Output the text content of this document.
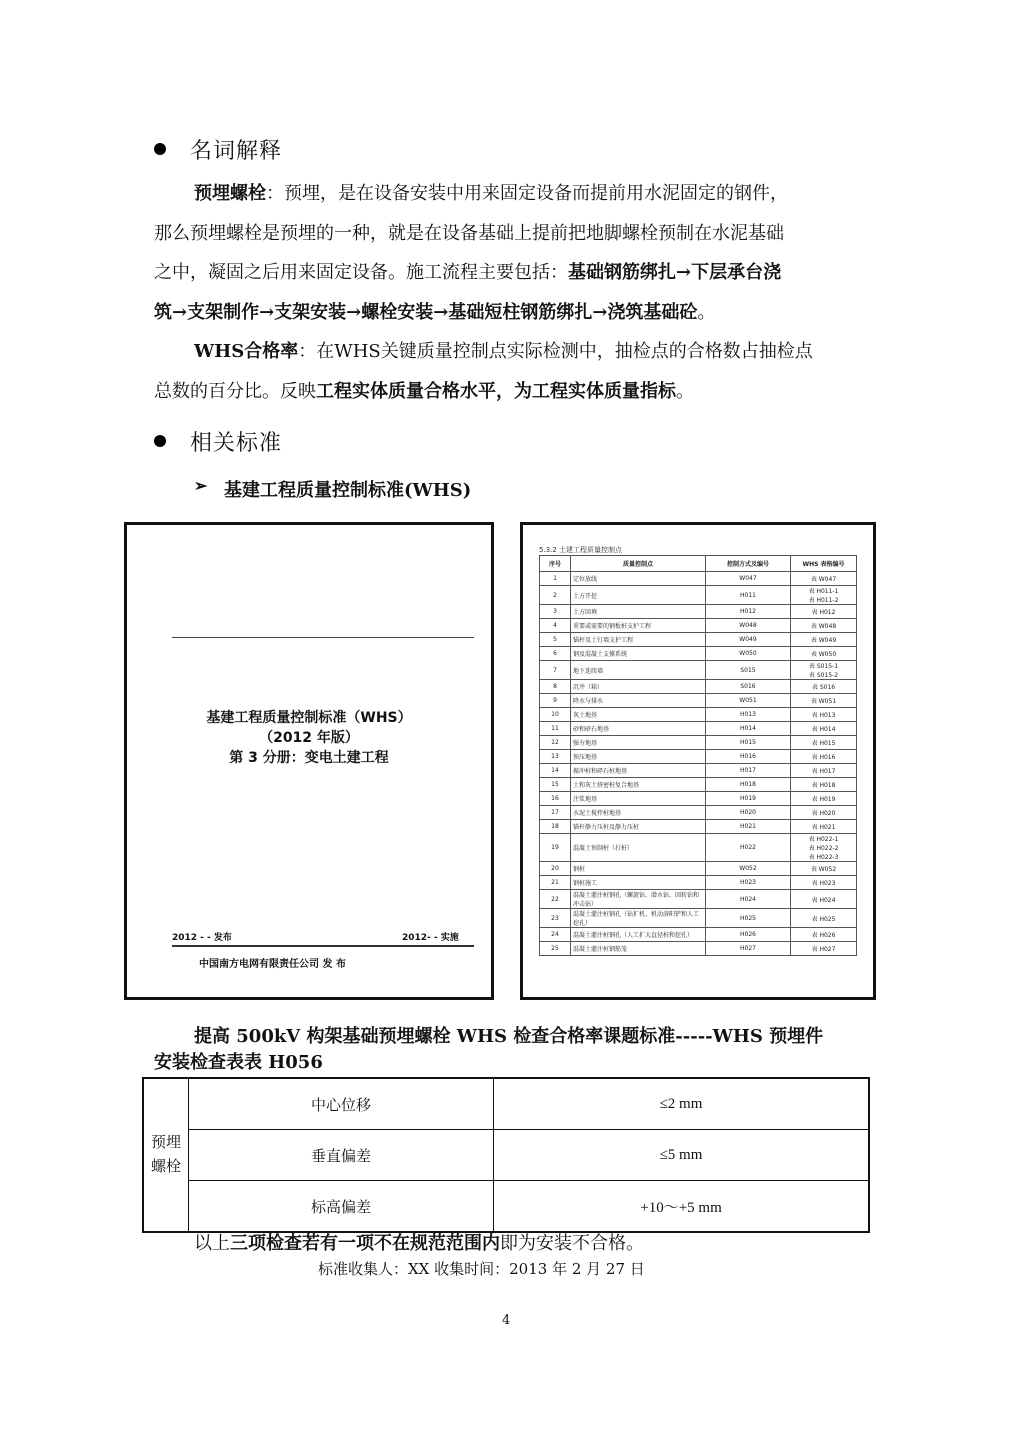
名词解释
预埋螺栓：预埋，是在设备安装中用来固定设备而提前用水泥固定的钢件，
那么预埋螺栓是预埋的一种，就是在设备基础上提前把地脚螺栓预制在水泥基础
之中，凝固之后用来固定设备。施工流程主要包括：基础钢筋绑扎→下层承台浇
筑→支架制作→支架安装→螺栓安装→基础短柱钢筋绑扎→浇筑基础砼。
WHS合格率：在WHS关键质量控制点实际检测中，抽检点的合格数占抽检点
总数的百分比。反映工程实体质量合格水平，为工程实体质量指标。
相关标准
➢ 基建工程质量控制标准(WHS)
基建工程质量控制标准（WHS）
（2012 年版）
第 3 分册：变电土建工程
2012 - - 发布	2012- - 实施
中国南方电网有限责任公司 发 布
5.3.2 土建工程质量控制点
序号	质量控制点	控制方式及编号	WHS 表格编号
1	定位放线	W047	表 W047
2	土方开挖	H011	表 H011-1
表 H011-2
3	土方回填	H012	表 H012
4	重要或需要的钢板桩支护工程	W048	表 W048
5	锚杆及土钉墙支护工程	W049	表 W049
6	钢及混凝土支撑系统	W050	表 W050
7	地下连续墙	S015	表 S015-1
表 S015-2
8	沉井（箱）	S016	表 S016
9	降水与排水	W051	表 W051
10	灰土地基	H013	表 H013
11	砂和砂石地基	H014	表 H014
12	强夯地基	H015	表 H015
13	预压地基	H016	表 H016
14	振冲桩和碎石桩地基	H017	表 H017
15	土和灰土挤密桩复合地基	H018	表 H018
16	注浆地基	H019	表 H019
17	水泥土搅拌桩地基	H020	表 H020
18	锚杆静力压桩及静力压桩	H021	表 H021
19	混凝土预制桩（打桩）	H022	表 H022-1
表 H022-2
表 H022-3
20	钢桩	W052	表 W052
21	钢桩施工	H023	表 H023
22	混凝土灌注桩钢孔（螺旋钻、潜水钻、回转钻和冲击钻）	H024	表 H024
23	混凝土灌注桩钢孔（钻扩机、机动洛阳铲和人工挖孔）	H025	表 H025
24	混凝土灌注桩钢孔（人工扩大直径桩和挖孔）	H026	表 H026
25	混凝土灌注桩钢筋笼	H027	表 H027
提高 500kV 构架基础预埋螺栓 WHS 检查合格率课题标准-----WHS 预埋件
安装检查表表 H056
预埋螺栓	中心位移	≤2 mm
	垂直偏差	≤5 mm
	标高偏差	+10～+5 mm
以上三项检查若有一项不在规范范围内即为安装不合格。
标准收集人：XX 收集时间：2013 年 2 月 27 日
4
